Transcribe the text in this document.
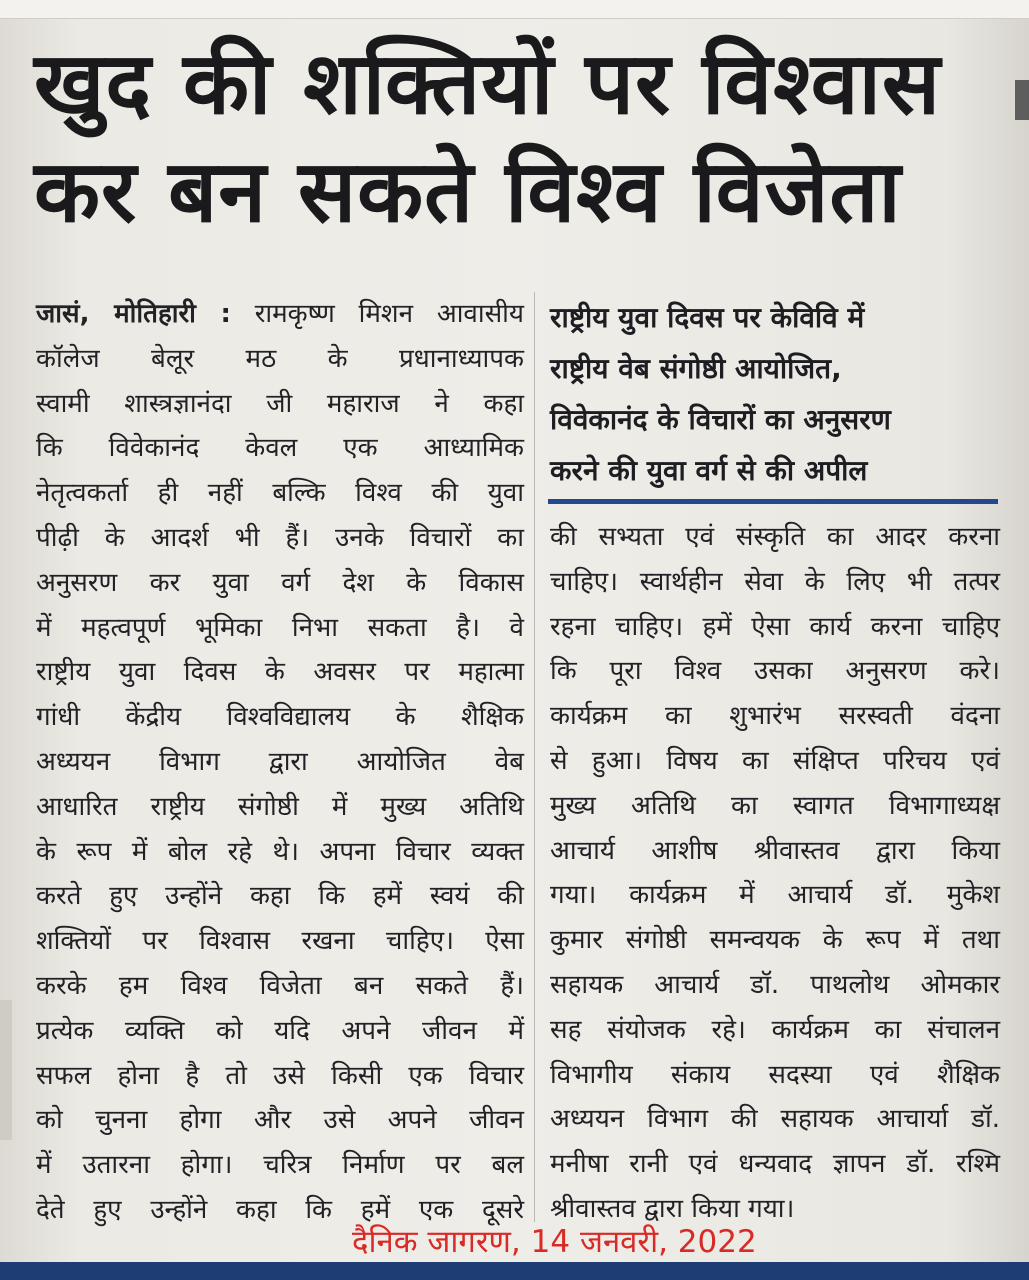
खुद की शक्तियों पर विश्वास
कर बन सकते विश्व विजेता
जासं, मोतिहारी : रामकृष्ण मिशन आवासीय
कॉलेज बेलूर मठ के प्रधानाध्यापक
स्वामी शास्त्रज्ञानंदा जी महाराज ने कहा
कि विवेकानंद केवल एक आध्यामिक
नेतृत्वकर्ता ही नहीं बल्कि विश्व की युवा
पीढ़ी के आदर्श भी हैं। उनके विचारों का
अनुसरण कर युवा वर्ग देश के विकास
में महत्वपूर्ण भूमिका निभा सकता है। वे
राष्ट्रीय युवा दिवस के अवसर पर महात्मा
गांधी केंद्रीय विश्वविद्यालय के शैक्षिक
अध्ययन विभाग द्वारा आयोजित वेब
आधारित राष्ट्रीय संगोष्ठी में मुख्य अतिथि
के रूप में बोल रहे थे। अपना विचार व्यक्त
करते हुए उन्होंने कहा कि हमें स्वयं की
शक्तियों पर विश्वास रखना चाहिए। ऐसा
करके हम विश्व विजेता बन सकते हैं।
प्रत्येक व्यक्ति को यदि अपने जीवन में
सफल होना है तो उसे किसी एक विचार
को चुनना होगा और उसे अपने जीवन
में उतारना होगा। चरित्र निर्माण पर बल
देते हुए उन्होंने कहा कि हमें एक दूसरे
राष्ट्रीय युवा दिवस पर केविवि में
राष्ट्रीय वेब संगोष्ठी आयोजित,
विवेकानंद के विचारों का अनुसरण
करने की युवा वर्ग से की अपील
की सभ्यता एवं संस्कृति का आदर करना
चाहिए। स्वार्थहीन सेवा के लिए भी तत्पर
रहना चाहिए। हमें ऐसा कार्य करना चाहिए
कि पूरा विश्व उसका अनुसरण करे।
कार्यक्रम का शुभारंभ सरस्वती वंदना
से हुआ। विषय का संक्षिप्त परिचय एवं
मुख्य अतिथि का स्वागत विभागाध्यक्ष
आचार्य आशीष श्रीवास्तव द्वारा किया
गया। कार्यक्रम में आचार्य डॉ. मुकेश
कुमार संगोष्ठी समन्वयक के रूप में तथा
सहायक आचार्य डॉ. पाथलोथ ओमकार
सह संयोजक रहे। कार्यक्रम का संचालन
विभागीय संकाय सदस्या एवं शैक्षिक
अध्ययन विभाग की सहायक आचार्या डॉ.
मनीषा रानी एवं धन्यवाद ज्ञापन डॉ. रश्मि
श्रीवास्तव द्वारा किया गया।
दैनिक जागरण, 14 जनवरी, 2022
